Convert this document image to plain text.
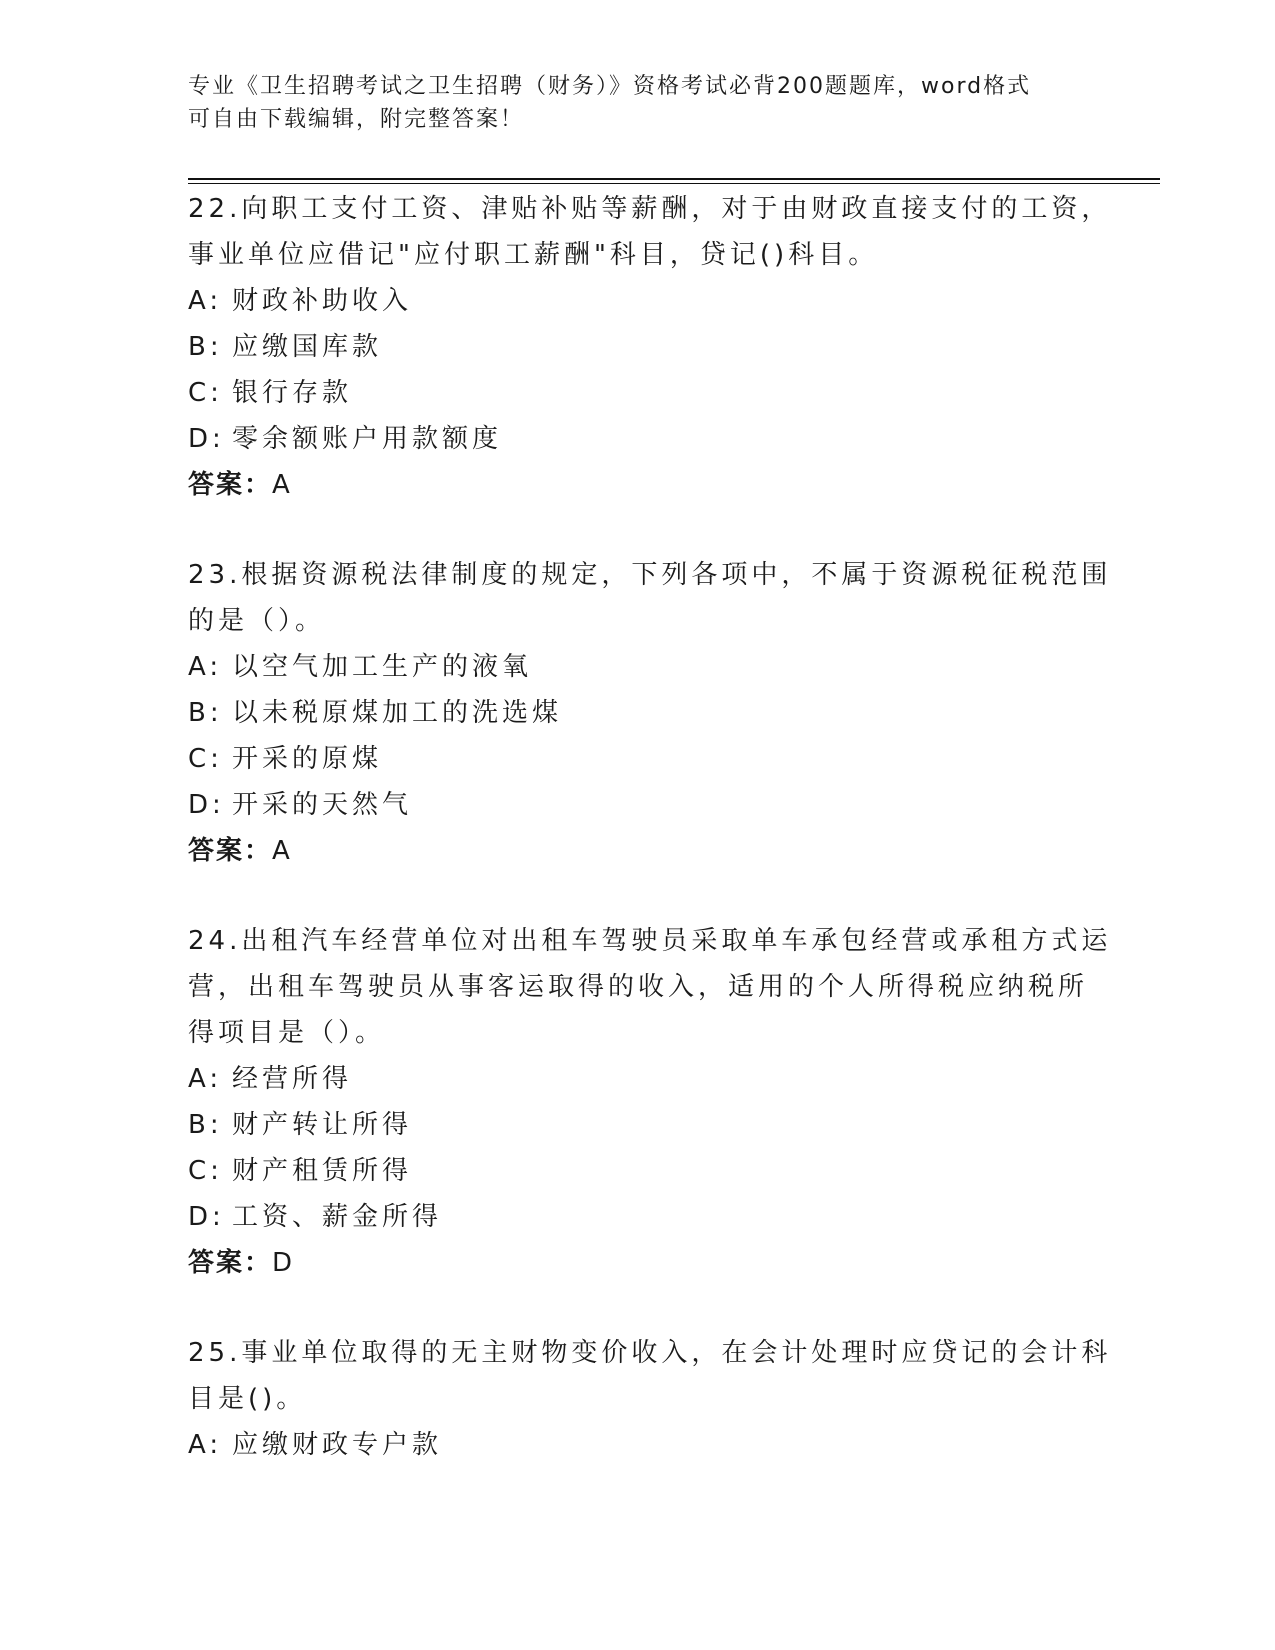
专业《卫生招聘考试之卫生招聘（财务）》资格考试必背200题题库，word格式
可自由下载编辑，附完整答案！
22.向职工支付工资、津贴补贴等薪酬，对于由财政直接支付的工资，
事业单位应借记"应付职工薪酬"科目，贷记()科目。
A: 财政补助收入
B: 应缴国库款
C: 银行存款
D: 零余额账户用款额度
答案：A
23.根据资源税法律制度的规定，下列各项中，不属于资源税征税范围
的是（）。
A: 以空气加工生产的液氧
B: 以未税原煤加工的洗选煤
C: 开采的原煤
D: 开采的天然气
答案：A
24.出租汽车经营单位对出租车驾驶员采取单车承包经营或承租方式运
营，出租车驾驶员从事客运取得的收入，适用的个人所得税应纳税所
得项目是（）。
A: 经营所得
B: 财产转让所得
C: 财产租赁所得
D: 工资、薪金所得
答案：D
25.事业单位取得的无主财物变价收入，在会计处理时应贷记的会计科
目是()。
A: 应缴财政专户款
